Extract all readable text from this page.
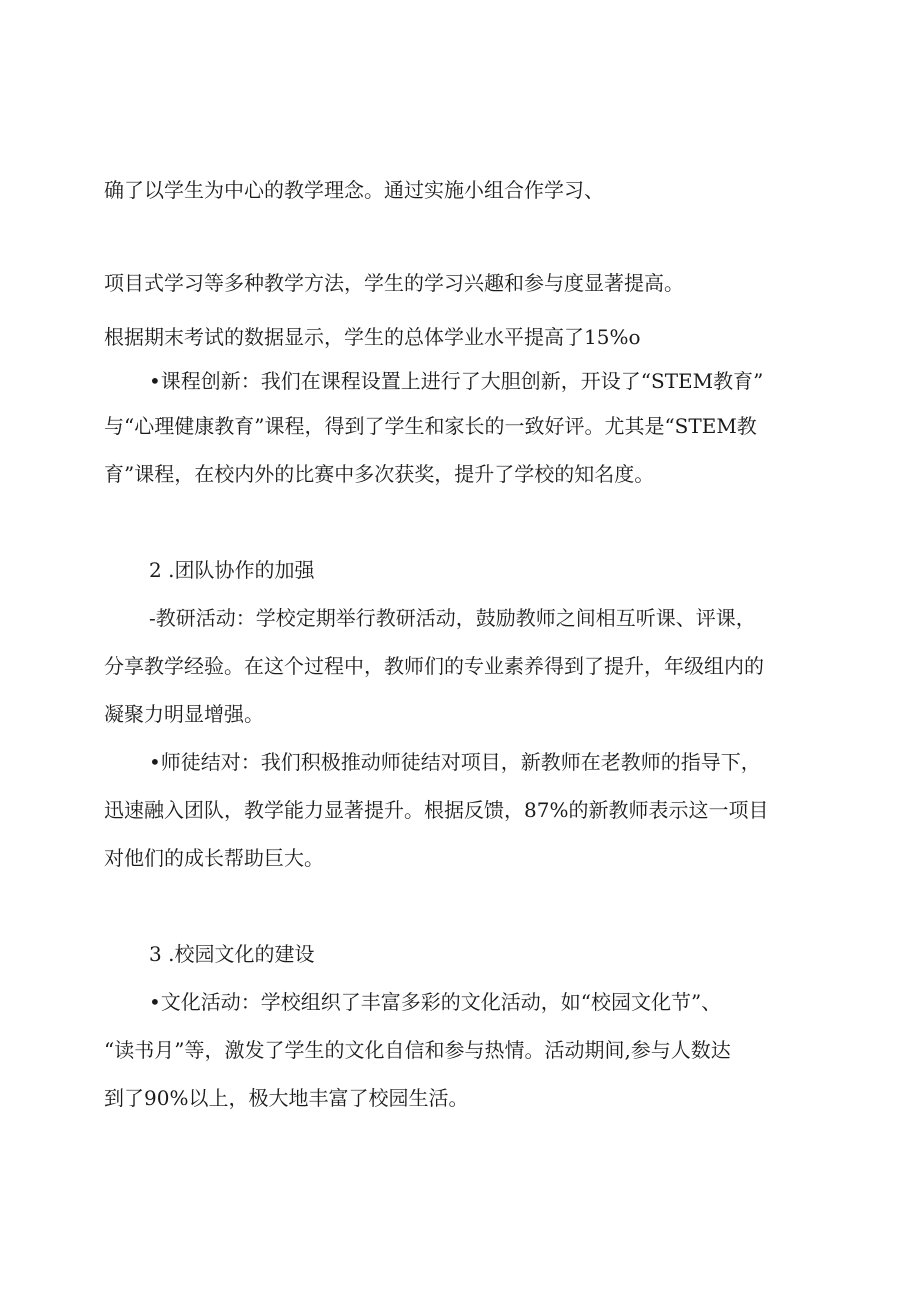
确了以学生为中心的教学理念。通过实施小组合作学习、

项目式学习等多种教学方法，学生的学习兴趣和参与度显著提高。

根据期末考试的数据显示，学生的总体学业水平提高了15%o

•课程创新：我们在课程设置上进行了大胆创新，开设了“STEM教育”

与“心理健康教育”课程，得到了学生和家长的一致好评。尤其是“STEM教

育”课程，在校内外的比赛中多次获奖，提升了学校的知名度。

2 .团队协作的加强

-教研活动：学校定期举行教研活动，鼓励教师之间相互听课、评课，

分享教学经验。在这个过程中，教师们的专业素养得到了提升，年级组内的

凝聚力明显增强。

•师徒结对：我们积极推动师徒结对项目，新教师在老教师的指导下，

迅速融入团队，教学能力显著提升。根据反馈，87%的新教师表示这一项目

对他们的成长帮助巨大。

3 .校园文化的建设

•文化活动：学校组织了丰富多彩的文化活动，如“校园文化节”、

“读书月”等，激发了学生的文化自信和参与热情。活动期间,参与人数达

到了90%以上，极大地丰富了校园生活。
